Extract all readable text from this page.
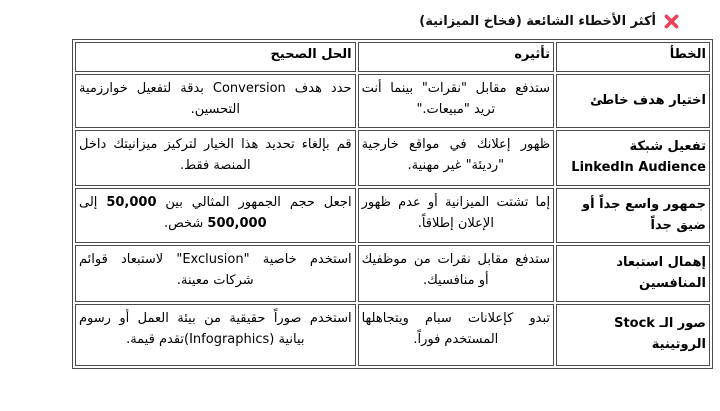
أكثر الأخطاء الشائعة (فخاخ الميزانية)
الخطأ	تأثيره	الحل الصحيح
اختيار هدف خاطئ	ستدفع مقابل "نقرات" بينما أنت تريد "مبيعات."	حدد هدف Conversion بدقة لتفعيل خوارزمية التحسين.
تفعيل شبكة LinkedIn Audience	ظهور إعلانك في مواقع خارجية "رديئة" غير مهنية.	قم بإلغاء تحديد هذا الخيار لتركيز ميزانيتك داخل المنصة فقط.
جمهور واسع جداً أو ضيق جداً	إما تشتت الميزانية أو عدم ظهور الإعلان إطلاقاً.	اجعل حجم الجمهور المثالي بين 50,000 إلى 500,000 شخص.
إهمال استبعاد المنافسين	ستدفع مقابل نقرات من موظفيك أو منافسيك.	استخدم خاصية "Exclusion" لاستبعاد قوائم شركات معينة.
صور الـ Stock الروتينية	تبدو كإعلانات سبام ويتجاهلها المستخدم فوراً.	استخدم صوراً حقيقية من بيئة العمل أو رسوم بيانية (Infographics)تقدم قيمة.
